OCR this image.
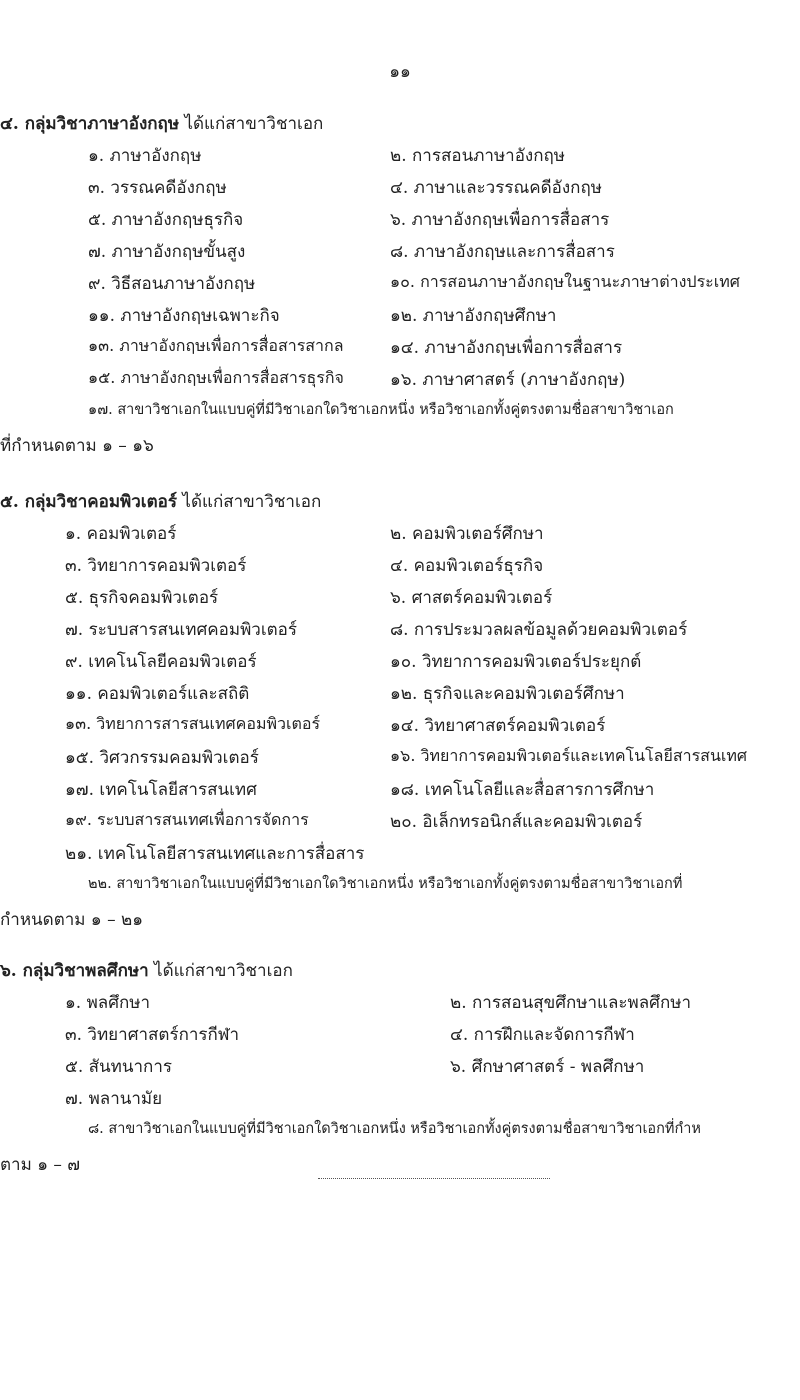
๑๑
๔. กลุ่มวิชาภาษาอังกฤษ ได้แก่สาขาวิชาเอก
๑. ภาษาอังกฤษ	๒. การสอนภาษาอังกฤษ
๓. วรรณคดีอังกฤษ	๔. ภาษาและวรรณคดีอังกฤษ
๕. ภาษาอังกฤษธุรกิจ	๖. ภาษาอังกฤษเพื่อการสื่อสาร
๗. ภาษาอังกฤษขั้นสูง	๘. ภาษาอังกฤษและการสื่อสาร
๙. วิธีสอนภาษาอังกฤษ	๑๐. การสอนภาษาอังกฤษในฐานะภาษาต่างประเทศ
๑๑. ภาษาอังกฤษเฉพาะกิจ	๑๒. ภาษาอังกฤษศึกษา
๑๓. ภาษาอังกฤษเพื่อการสื่อสารสากล	๑๔. ภาษาอังกฤษเพื่อการสื่อสาร
๑๕. ภาษาอังกฤษเพื่อการสื่อสารธุรกิจ	๑๖. ภาษาศาสตร์ (ภาษาอังกฤษ)
๑๗. สาขาวิชาเอกในแบบคู่ที่มีวิชาเอกใดวิชาเอกหนึ่ง หรือวิชาเอกทั้งคู่ตรงตามชื่อสาขาวิชาเอก
ที่กำหนดตาม ๑ – ๑๖
๕. กลุ่มวิชาคอมพิวเตอร์ ได้แก่สาขาวิชาเอก
๑. คอมพิวเตอร์	๒. คอมพิวเตอร์ศึกษา
๓. วิทยาการคอมพิวเตอร์	๔. คอมพิวเตอร์ธุรกิจ
๕. ธุรกิจคอมพิวเตอร์	๖. ศาสตร์คอมพิวเตอร์
๗. ระบบสารสนเทศคอมพิวเตอร์	๘. การประมวลผลข้อมูลด้วยคอมพิวเตอร์
๙. เทคโนโลยีคอมพิวเตอร์	๑๐. วิทยาการคอมพิวเตอร์ประยุกต์
๑๑. คอมพิวเตอร์และสถิติ	๑๒. ธุรกิจและคอมพิวเตอร์ศึกษา
๑๓. วิทยาการสารสนเทศคอมพิวเตอร์	๑๔. วิทยาศาสตร์คอมพิวเตอร์
๑๕. วิศวกรรมคอมพิวเตอร์	๑๖. วิทยาการคอมพิวเตอร์และเทคโนโลยีสารสนเทศ
๑๗. เทคโนโลยีสารสนเทศ	๑๘. เทคโนโลยีและสื่อสารการศึกษา
๑๙. ระบบสารสนเทศเพื่อการจัดการ	๒๐. อิเล็กทรอนิกส์และคอมพิวเตอร์
๒๑. เทคโนโลยีสารสนเทศและการสื่อสาร
๒๒. สาขาวิชาเอกในแบบคู่ที่มีวิชาเอกใดวิชาเอกหนึ่ง หรือวิชาเอกทั้งคู่ตรงตามชื่อสาขาวิชาเอกที่
กำหนดตาม ๑ – ๒๑
๖. กลุ่มวิชาพลศึกษา ได้แก่สาขาวิชาเอก
๑. พลศึกษา	๒. การสอนสุขศึกษาและพลศึกษา
๓. วิทยาศาสตร์การกีฬา	๔. การฝึกและจัดการกีฬา
๕. สันทนาการ	๖. ศึกษาศาสตร์ - พลศึกษา
๗. พลานามัย
๘. สาขาวิชาเอกในแบบคู่ที่มีวิชาเอกใดวิชาเอกหนึ่ง หรือวิชาเอกทั้งคู่ตรงตามชื่อสาขาวิชาเอกที่กำห
ตาม ๑ – ๗
